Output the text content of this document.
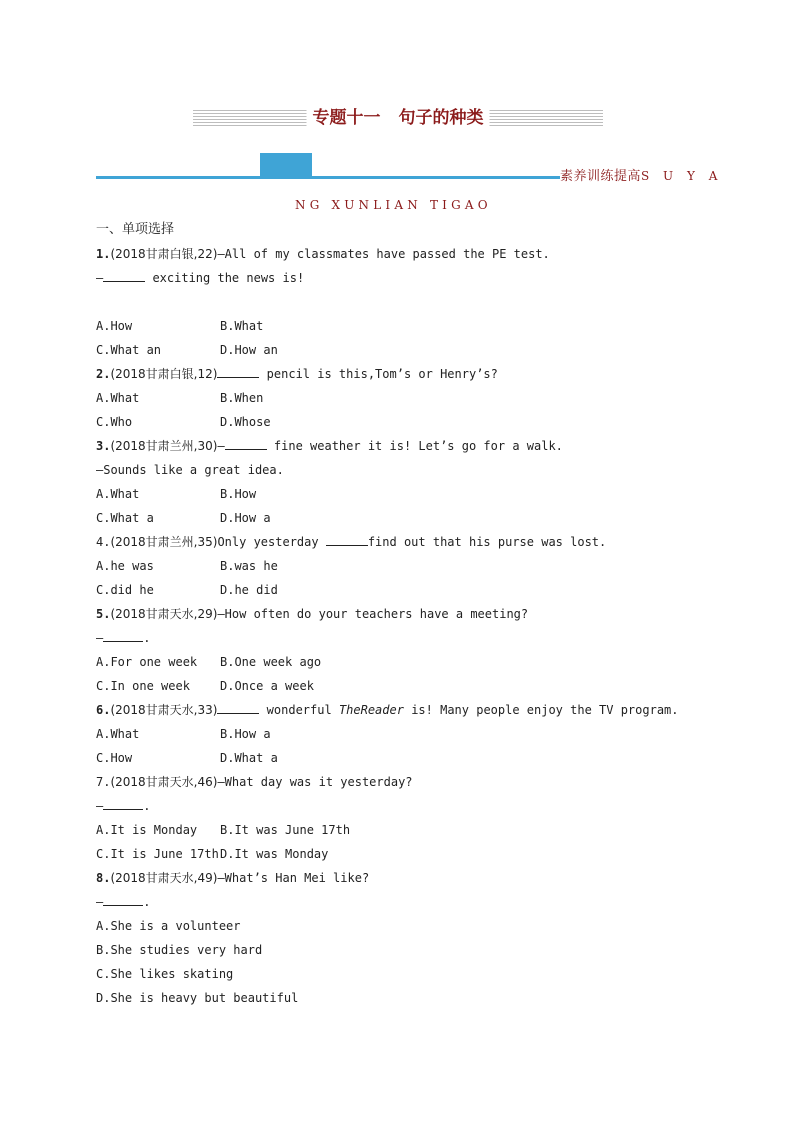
专题十一 句子的种类
素养训练提高S U Y A
NG XUNLIAN TIGAO
一、单项选择
1.(2018甘肃白银,22)—All of my classmates have passed the PE test.
—	exciting the news is!
A.How	B.What
C.What an	D.How an
2.(2018甘肃白银,12)	pencil is this,Tom’s or Henry’s?
A.What	B.When
C.Who	D.Whose
3.(2018甘肃兰州,30)—	fine weather it is! Let’s go for a walk.
—Sounds like a great idea.
A.What	B.How
C.What a	D.How a
4.(2018甘肃兰州,35)Only yesterday	find out that his purse was lost.
A.he was	B.was he
C.did he	D.he did
5.(2018甘肃天水,29)—How often do your teachers have a meeting?
—	.
A.For one week B.One week ago
C.In one week	D.Once a week
6.(2018甘肃天水,33)	wonderful TheReader is! Many people enjoy the TV program.
A.What	B.How a
C.How	D.What a
7.(2018甘肃天水,46)—What day was it yesterday?
—	.
A.It is Monday B.It was June 17th
C.It is June 17thD.It was Monday
8.(2018甘肃天水,49)—What’s Han Mei like?
—	.
A.She is a volunteer
B.She studies very hard
C.She likes skating
D.She is heavy but beautiful
